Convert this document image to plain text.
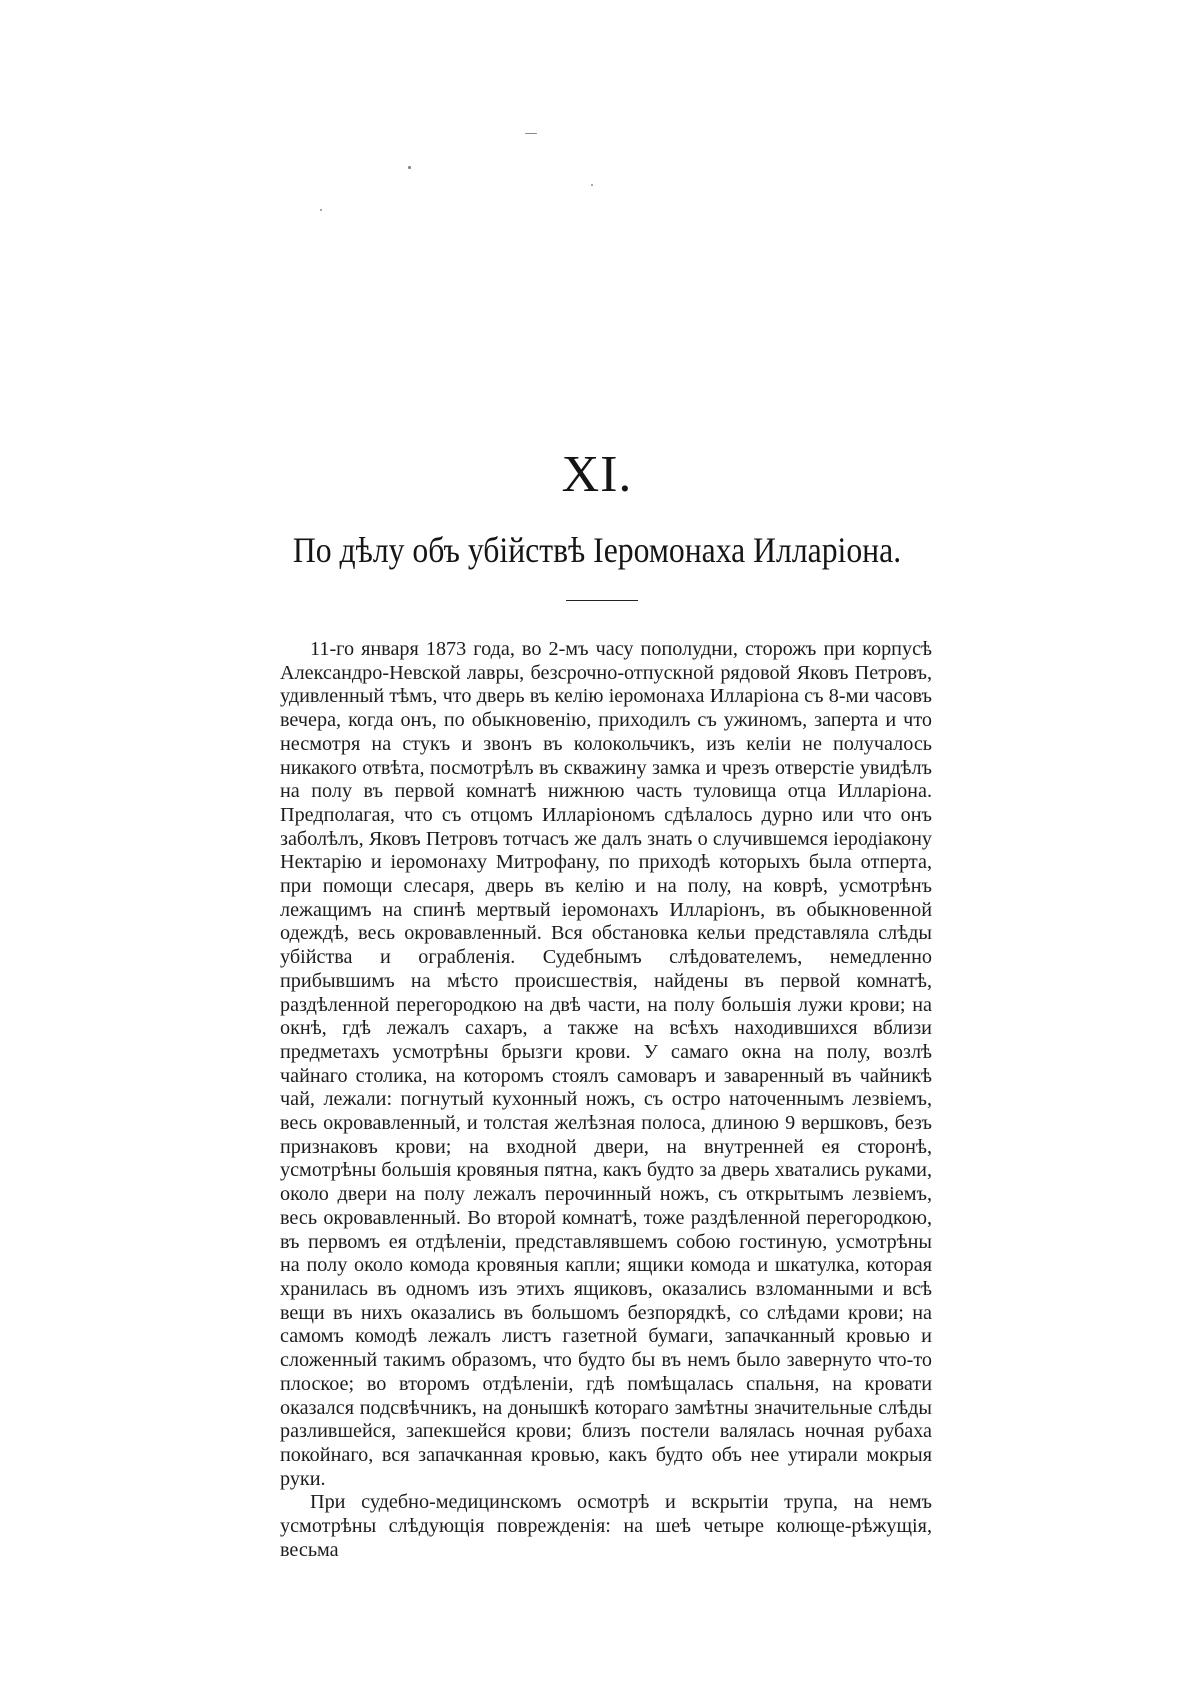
XI.
По дѣлу объ убійствѣ Іеромонаха Илларіона.

11-го января 1873 года, во 2-мъ часу пополудни, сторожъ при корпусѣ Александро-Невской лавры, безсрочно-отпускной рядовой Яковъ Петровъ, удивленный тѣмъ, что дверь въ келію іеромонаха Илларіона съ 8-ми часовъ вечера, когда онъ, по обыкновенію, приходилъ съ ужиномъ, заперта и что несмотря на стукъ и звонъ въ колокольчикъ, изъ келіи не получалось никакого отвѣта, посмотрѣлъ въ скважину замка и чрезъ отверстіе увидѣлъ на полу въ первой комнатѣ нижнюю часть туловища отца Илларіона. Предполагая, что съ отцомъ Илларіономъ сдѣлалось дурно или что онъ заболѣлъ, Яковъ Петровъ тотчасъ же далъ знать о случившемся іеродіакону Нектарію и іеромонаху Митрофану, по приходѣ которыхъ была отперта, при помощи слесаря, дверь въ келію и на полу, на коврѣ, усмотрѣнъ лежащимъ на спинѣ мертвый іеромонахъ Илларіонъ, въ обыкновенной одеждѣ, весь окровавленный. Вся обстановка кельи представляла слѣды убійства и ограбленія. Судебнымъ слѣдователемъ, немедленно прибывшимъ на мѣсто происшествія, найдены въ первой комнатѣ, раздѣленной перегородкою на двѣ части, на полу большія лужи крови; на окнѣ, гдѣ лежалъ сахаръ, а также на всѣхъ находившихся вблизи предметахъ усмотрѣны брызги крови. У самаго окна на полу, возлѣ чайнаго столика, на которомъ стоялъ самоваръ и заваренный въ чайникѣ чай, лежали: погнутый кухонный ножъ, съ остро наточеннымъ лезвіемъ, весь окровавленный, и толстая желѣзная полоса, длиною 9 вершковъ, безъ признаковъ крови; на входной двери, на внутренней ея сторонѣ, усмотрѣны большія кровяныя пятна, какъ будто за дверь хватались руками, около двери на полу лежалъ перочинный ножъ, съ открытымъ лезвіемъ, весь окровавленный. Во второй комнатѣ, тоже раздѣленной перегородкою, въ первомъ ея отдѣленіи, представлявшемъ собою гостиную, усмотрѣны на полу около комода кровяныя капли; ящики комода и шкатулка, которая хранилась въ одномъ изъ этихъ ящиковъ, оказались взломанными и всѣ вещи въ нихъ оказались въ большомъ безпорядкѣ, со слѣдами крови; на самомъ комодѣ лежалъ листъ газетной бумаги, запачканный кровью и сложенный такимъ образомъ, что будто бы въ немъ было завернуто что-то плоское; во второмъ отдѣленіи, гдѣ помѣщалась спальня, на кровати оказался подсвѣчникъ, на донышкѣ котораго замѣтны значительные слѣды разлившейся, запекшейся крови; близъ постели валялась ночная рубаха покойнаго, вся запачканная кровью, какъ будто объ нее утирали мокрыя руки.

При судебно-медицинскомъ осмотрѣ и вскрытіи трупа, на немъ усмотрѣны слѣдующія поврежденія: на шеѣ четыре колюще-рѣжущія, весьма
